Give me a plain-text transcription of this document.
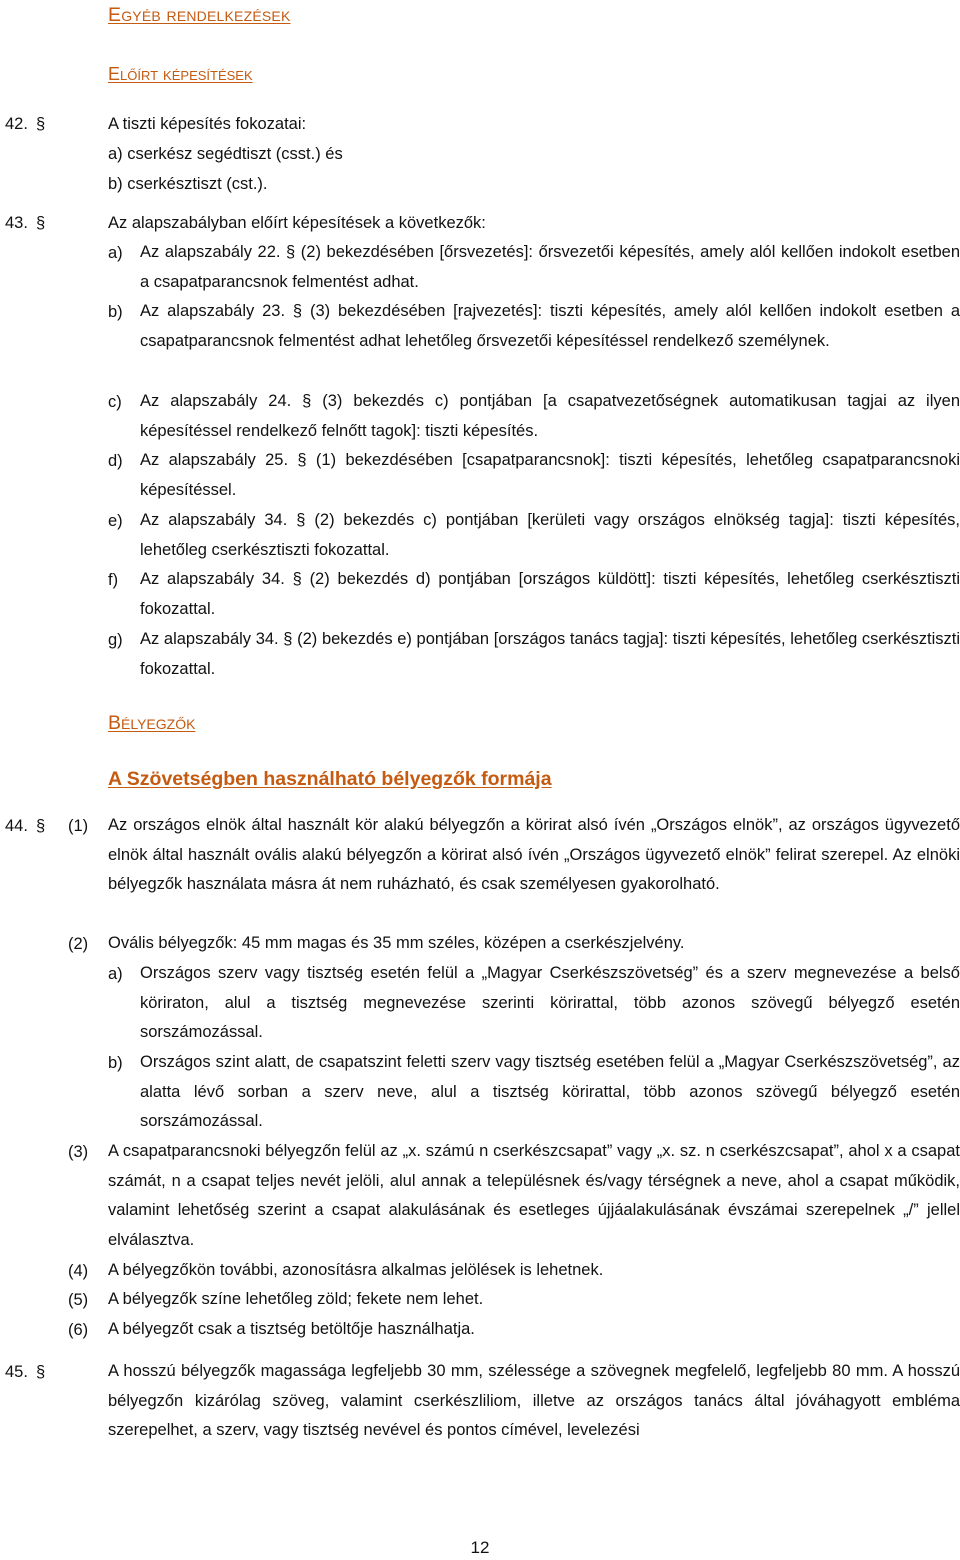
Egyéb rendelkezések
Előírt képesítések
42. §	A tiszti képesítés fokozatai:
a) cserkész segédtiszt (csst.) és
b) cserkésztiszt (cst.).
43. §	Az alapszabályban előírt képesítések a következők:
a) Az alapszabály 22. § (2) bekezdésében [őrsvezetés]: őrsvezetői képesítés, amely alól kellően indokolt esetben a csapatparancsnok felmentést adhat.
b) Az alapszabály 23. § (3) bekezdésében [rajvezetés]: tiszti képesítés, amely alól kellően indokolt esetben a csapatparancsnok felmentést adhat lehetőleg őrsvezetői képesítéssel rendelkező személynek.
c) Az alapszabály 24. § (3) bekezdés c) pontjában [a csapatvezetőségnek automatikusan tagjai az ilyen képesítéssel rendelkező felnőtt tagok]: tiszti képesítés.
d) Az alapszabály 25. § (1) bekezdésében [csapatparancsnok]: tiszti képesítés, lehetőleg csapatparancsnoki képesítéssel.
e) Az alapszabály 34. § (2) bekezdés c) pontjában [kerületi vagy országos elnökség tagja]: tiszti képesítés, lehetőleg cserkésztiszti fokozattal.
f) Az alapszabály 34. § (2) bekezdés d) pontjában [országos küldött]: tiszti képesítés, lehetőleg cserkésztiszti fokozattal.
g) Az alapszabály 34. § (2) bekezdés e) pontjában [országos tanács tagja]: tiszti képesítés, lehetőleg cserkésztiszti fokozattal.
Bélyegzők
A Szövetségben használható bélyegzők formája
44. § (1) Az országos elnök által használt kör alakú bélyegzőn a körirat alsó ívén „Országos elnök”, az országos ügyvezető elnök által használt ovális alakú bélyegzőn a körirat alsó ívén „Országos ügyvezető elnök” felirat szerepel. Az elnöki bélyegzők használata másra át nem ruházható, és csak személyesen gyakorolható.
(2) Ovális bélyegzők: 45 mm magas és 35 mm széles, középen a cserkészjelvény.
a) Országos szerv vagy tisztség esetén felül a „Magyar Cserkészszövetség” és a szerv megnevezése a belső köriraton, alul a tisztség megnevezése szerinti körirattal, több azonos szövegű bélyegző esetén sorszámozással.
b) Országos szint alatt, de csapatszint feletti szerv vagy tisztség esetében felül a „Magyar Cserkészszövetség”, az alatta lévő sorban a szerv neve, alul a tisztség körirattal, több azonos szövegű bélyegző esetén sorszámozással.
(3) A csapatparancsnoki bélyegzőn felül az „x. számú n cserkészcsapat” vagy „x. sz. n cserkészcsapat”, ahol x a csapat számát, n a csapat teljes nevét jelöli, alul annak a településnek és/vagy térségnek a neve, ahol a csapat működik, valamint lehetőség szerint a csapat alakulásának és esetleges újjáalakulásának évszámai szerepelnek „/” jellel elválasztva.
(4) A bélyegzőkön további, azonosításra alkalmas jelölések is lehetnek.
(5) A bélyegzők színe lehetőleg zöld; fekete nem lehet.
(6) A bélyegzőt csak a tisztség betöltője használhatja.
45. §	A hosszú bélyegzők magassága legfeljebb 30 mm, szélessége a szövegnek megfelelő, legfeljebb 80 mm. A hosszú bélyegzőn kizárólag szöveg, valamint cserkészliliom, illetve az országos tanács által jóváhagyott embléma szerepelhet, a szerv, vagy tisztség nevével és pontos címével, levelezési
12
